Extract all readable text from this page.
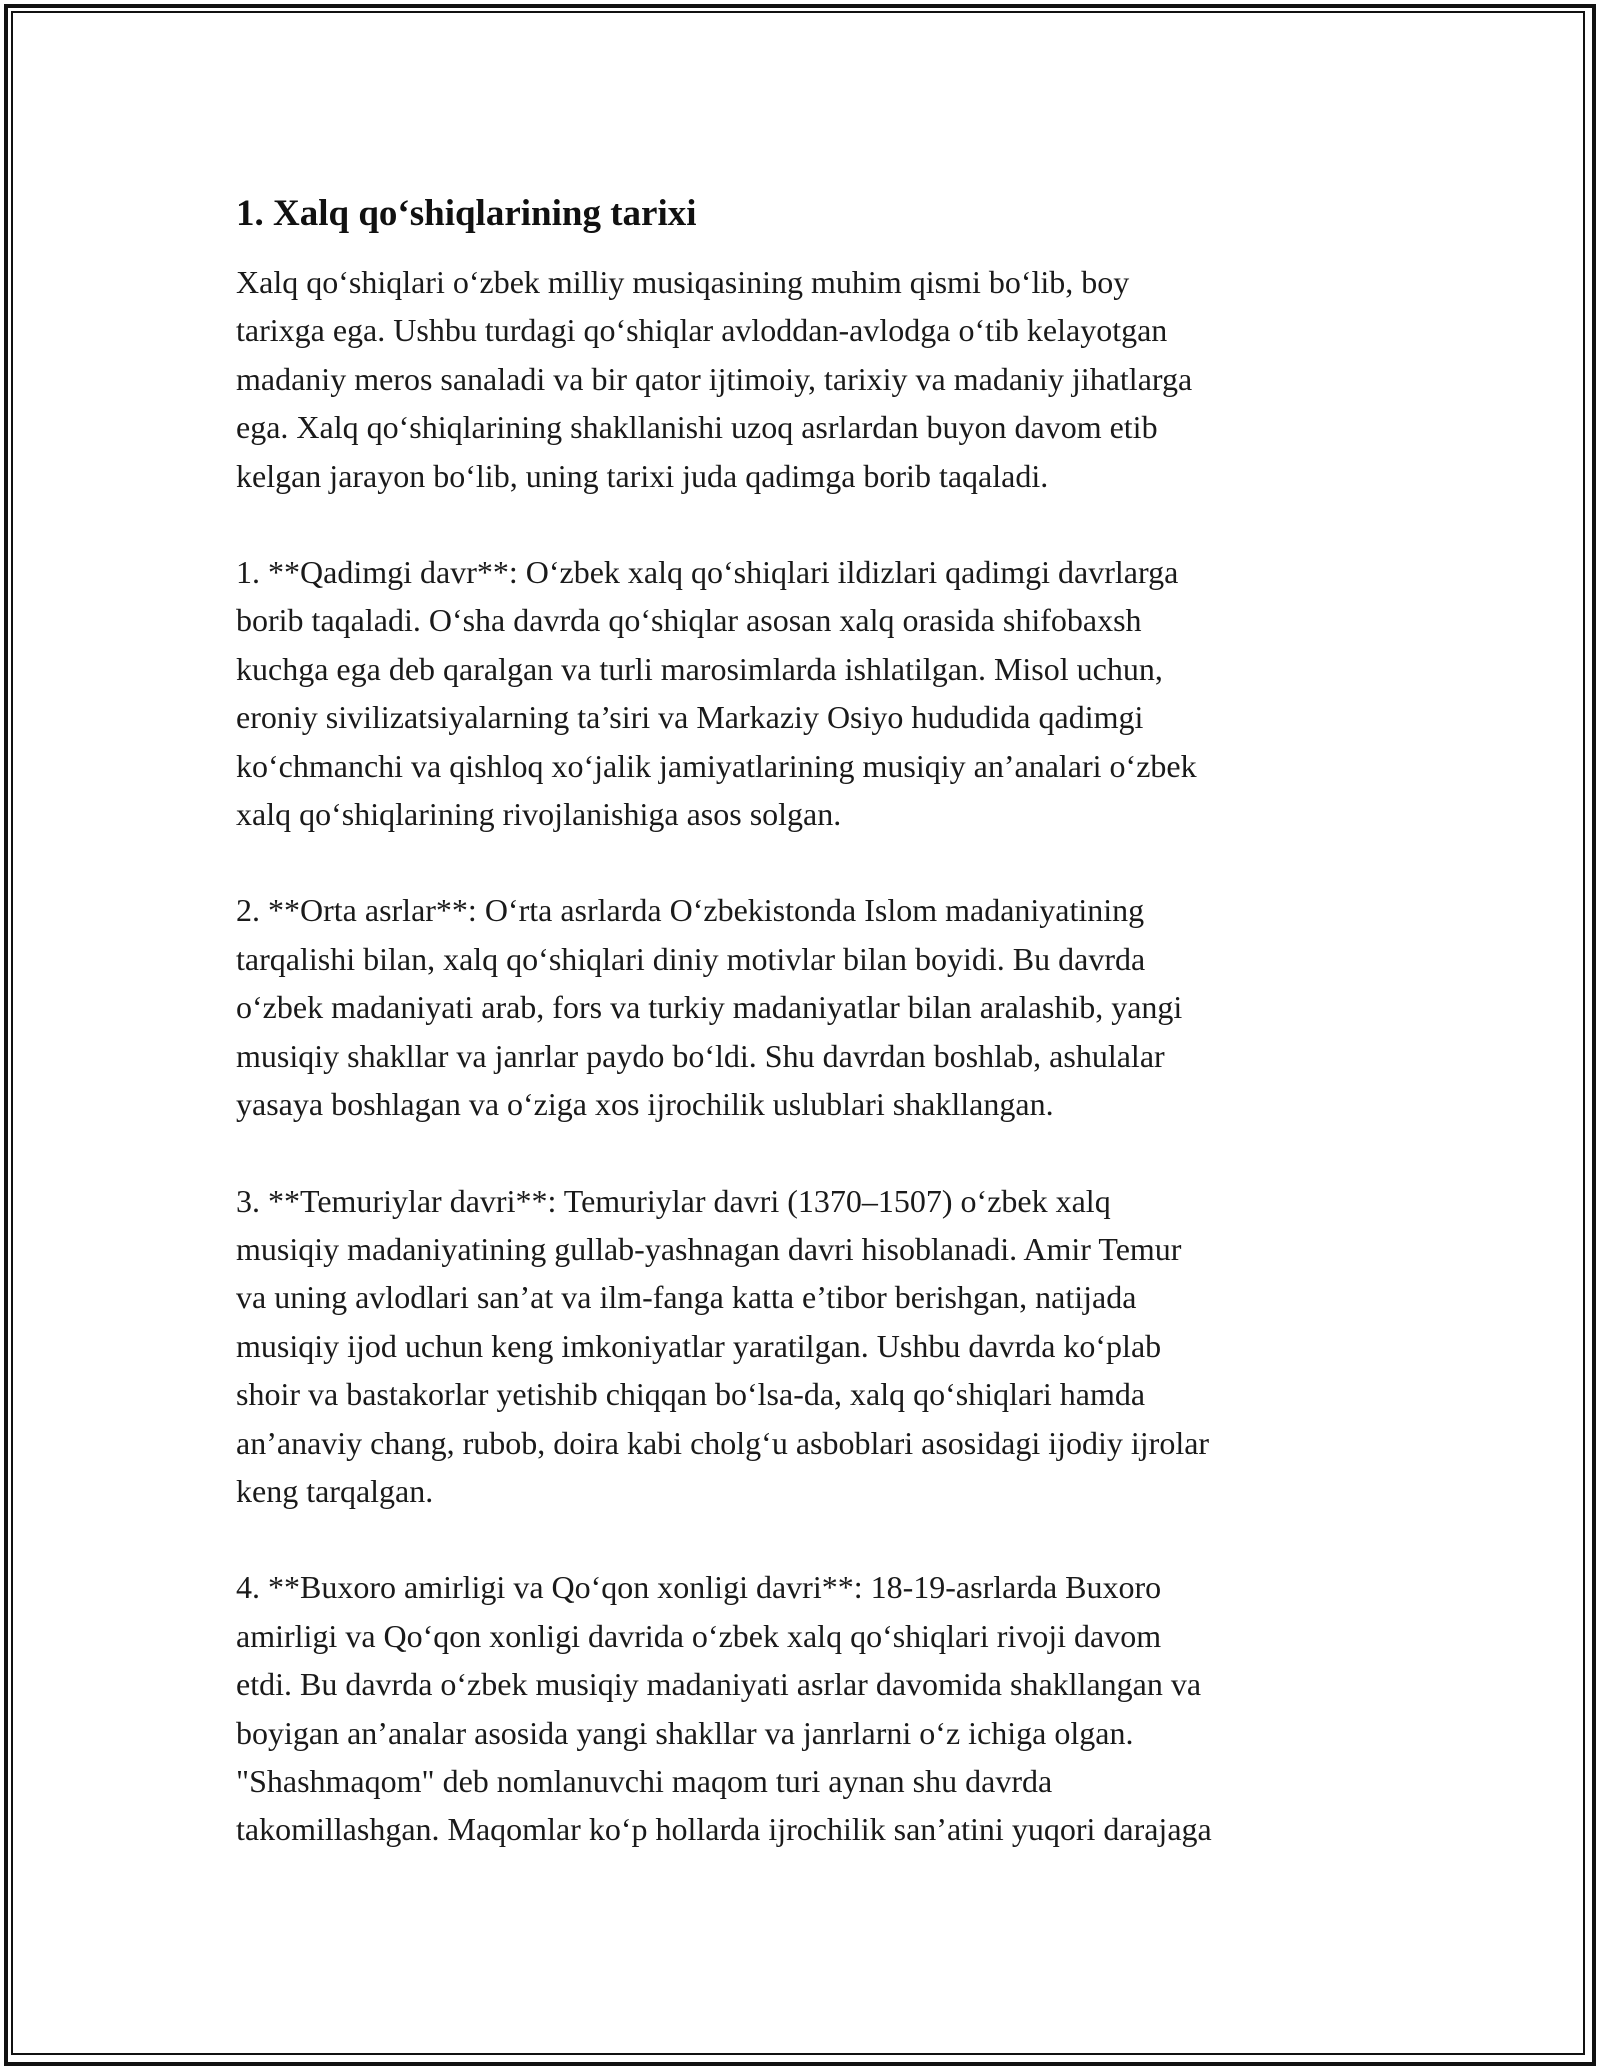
1. Xalq qo‘shiqlarining tarixi

Xalq qo‘shiqlari o‘zbek milliy musiqasining muhim qismi bo‘lib, boy
tarixga ega. Ushbu turdagi qo‘shiqlar avloddan-avlodga o‘tib kelayotgan
madaniy meros sanaladi va bir qator ijtimoiy, tarixiy va madaniy jihatlarga
ega. Xalq qo‘shiqlarining shakllanishi uzoq asrlardan buyon davom etib
kelgan jarayon bo‘lib, uning tarixi juda qadimga borib taqaladi.

1. **Qadimgi davr**: O‘zbek xalq qo‘shiqlari ildizlari qadimgi davrlarga
borib taqaladi. O‘sha davrda qo‘shiqlar asosan xalq orasida shifobaxsh
kuchga ega deb qaralgan va turli marosimlarda ishlatilgan. Misol uchun,
eroniy sivilizatsiyalarning ta’siri va Markaziy Osiyo hududida qadimgi
ko‘chmanchi va qishloq xo‘jalik jamiyatlarining musiqiy an’analari o‘zbek
xalq qo‘shiqlarining rivojlanishiga asos solgan.

2. **Orta asrlar**: O‘rta asrlarda O‘zbekistonda Islom madaniyatining
tarqalishi bilan, xalq qo‘shiqlari diniy motivlar bilan boyidi. Bu davrda
o‘zbek madaniyati arab, fors va turkiy madaniyatlar bilan aralashib, yangi
musiqiy shakllar va janrlar paydo bo‘ldi. Shu davrdan boshlab, ashulalar
yasaya boshlagan va o‘ziga xos ijrochilik uslublari shakllangan.

3. **Temuriylar davri**: Temuriylar davri (1370–1507) o‘zbek xalq
musiqiy madaniyatining gullab-yashnagan davri hisoblanadi. Amir Temur
va uning avlodlari san’at va ilm-fanga katta e’tibor berishgan, natijada
musiqiy ijod uchun keng imkoniyatlar yaratilgan. Ushbu davrda ko‘plab
shoir va bastakorlar yetishib chiqqan bo‘lsa-da, xalq qo‘shiqlari hamda
an’anaviy chang, rubob, doira kabi cholg‘u asboblari asosidagi ijodiy ijrolar
keng tarqalgan.

4. **Buxoro amirligi va Qo‘qon xonligi davri**: 18-19-asrlarda Buxoro
amirligi va Qo‘qon xonligi davrida o‘zbek xalq qo‘shiqlari rivoji davom
etdi. Bu davrda o‘zbek musiqiy madaniyati asrlar davomida shakllangan va
boyigan an’analar asosida yangi shakllar va janrlarni o‘z ichiga olgan.
"Shashmaqom" deb nomlanuvchi maqom turi aynan shu davrda
takomillashgan. Maqomlar ko‘p hollarda ijrochilik san’atini yuqori darajaga
